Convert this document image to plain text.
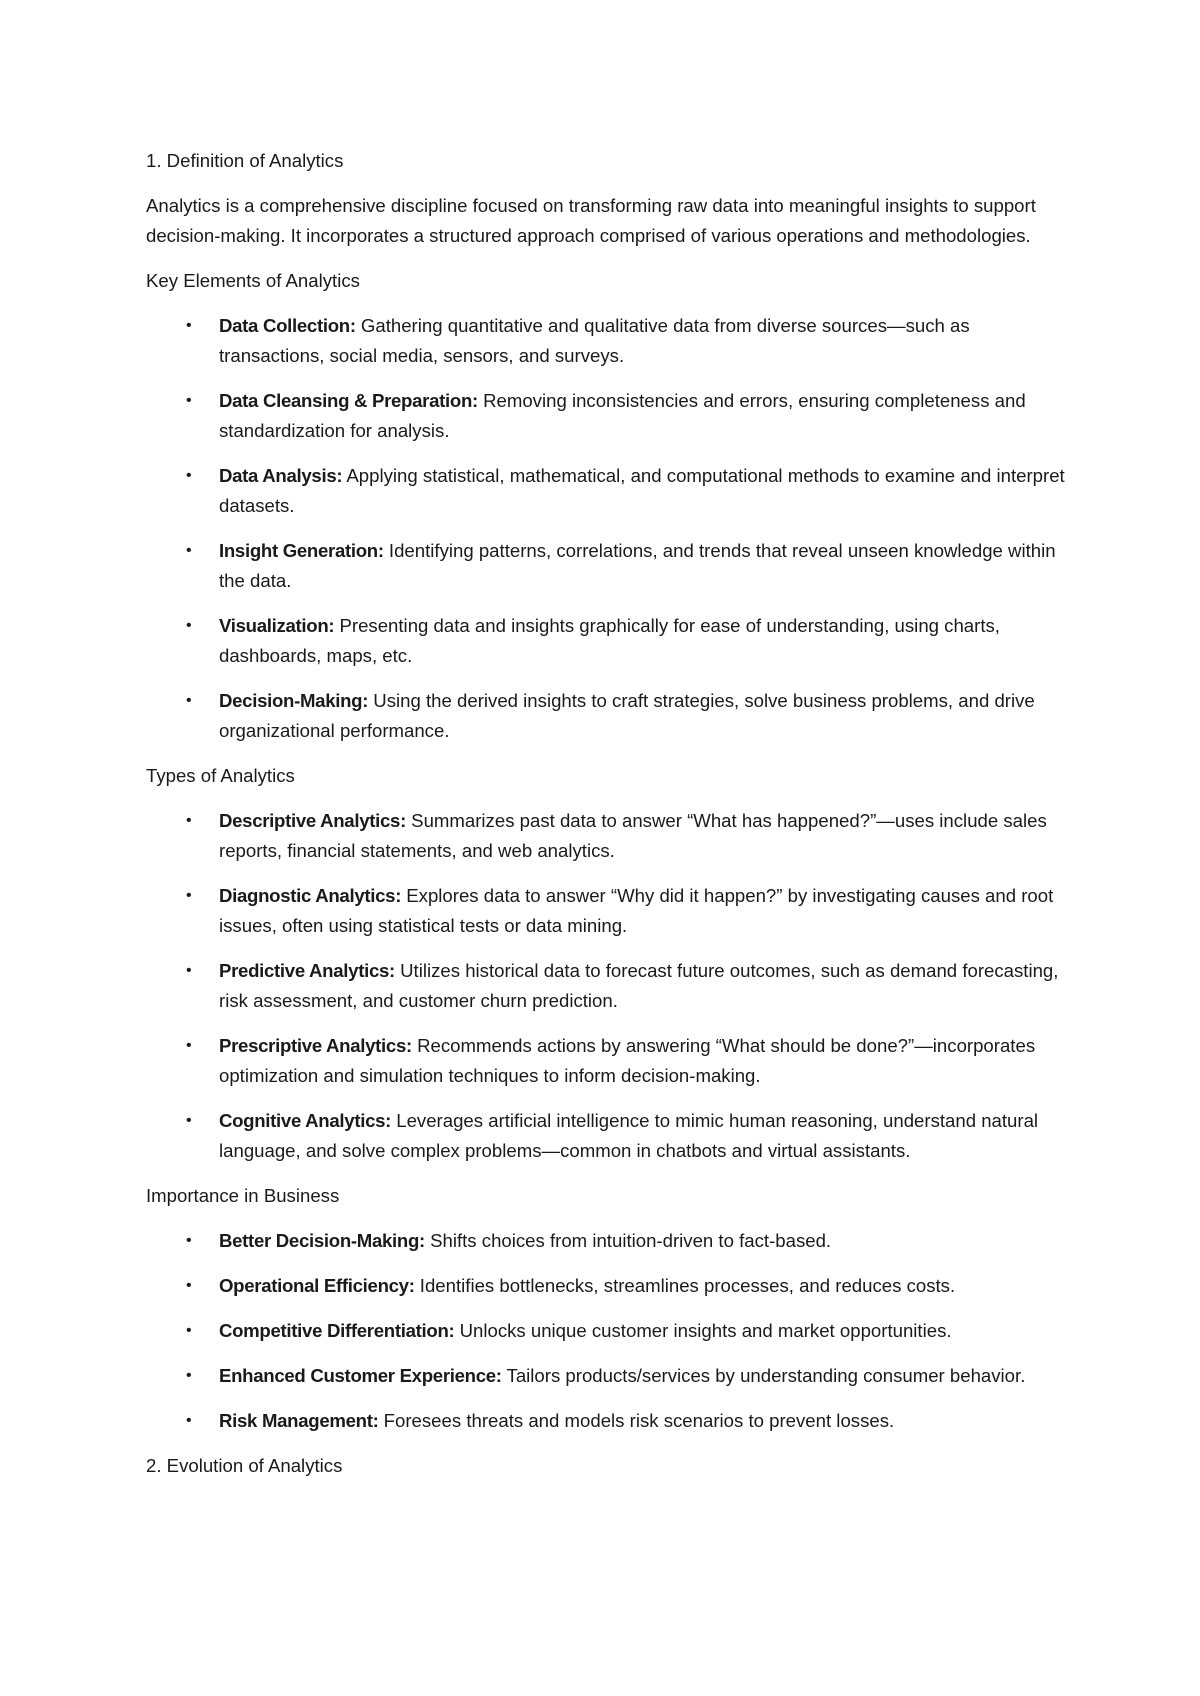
1. Definition of Analytics
Analytics is a comprehensive discipline focused on transforming raw data into meaningful insights to support decision-making. It incorporates a structured approach comprised of various operations and methodologies.
Key Elements of Analytics
• Data Collection: Gathering quantitative and qualitative data from diverse sources—such as transactions, social media, sensors, and surveys.
• Data Cleansing & Preparation: Removing inconsistencies and errors, ensuring completeness and standardization for analysis.
• Data Analysis: Applying statistical, mathematical, and computational methods to examine and interpret datasets.
• Insight Generation: Identifying patterns, correlations, and trends that reveal unseen knowledge within the data.
• Visualization: Presenting data and insights graphically for ease of understanding, using charts, dashboards, maps, etc.
• Decision-Making: Using the derived insights to craft strategies, solve business problems, and drive organizational performance.
Types of Analytics
• Descriptive Analytics: Summarizes past data to answer “What has happened?”—uses include sales reports, financial statements, and web analytics.
• Diagnostic Analytics: Explores data to answer “Why did it happen?” by investigating causes and root issues, often using statistical tests or data mining.
• Predictive Analytics: Utilizes historical data to forecast future outcomes, such as demand forecasting, risk assessment, and customer churn prediction.
• Prescriptive Analytics: Recommends actions by answering “What should be done?”—incorporates optimization and simulation techniques to inform decision-making.
• Cognitive Analytics: Leverages artificial intelligence to mimic human reasoning, understand natural language, and solve complex problems—common in chatbots and virtual assistants.
Importance in Business
• Better Decision-Making: Shifts choices from intuition-driven to fact-based.
• Operational Efficiency: Identifies bottlenecks, streamlines processes, and reduces costs.
• Competitive Differentiation: Unlocks unique customer insights and market opportunities.
• Enhanced Customer Experience: Tailors products/services by understanding consumer behavior.
• Risk Management: Foresees threats and models risk scenarios to prevent losses.
2. Evolution of Analytics
